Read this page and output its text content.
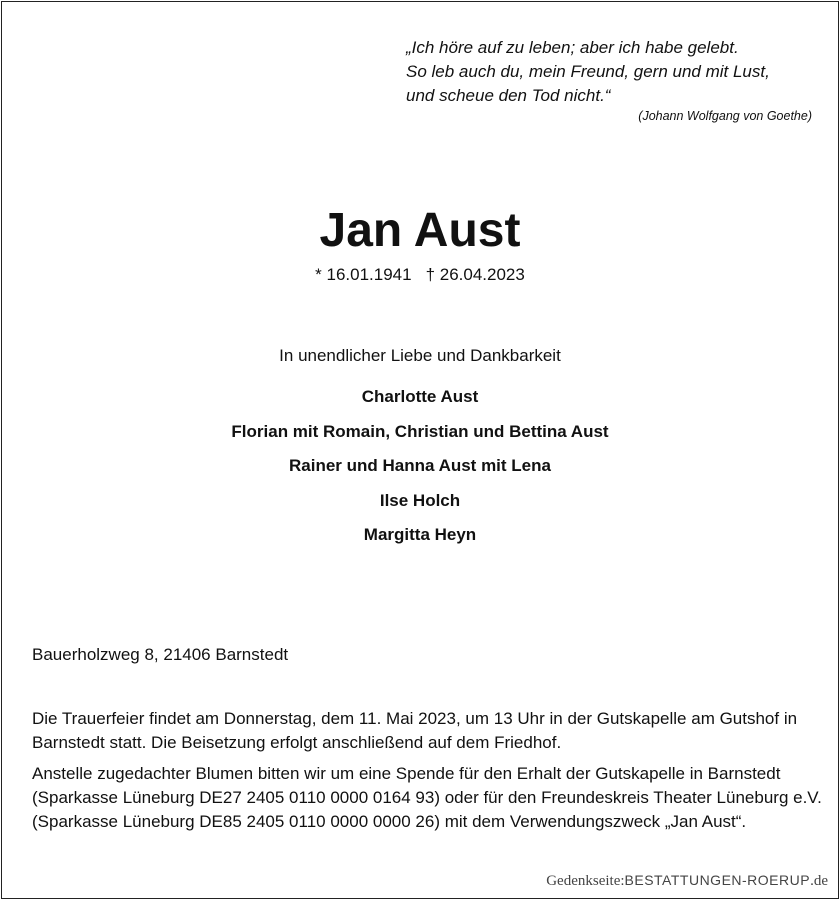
„Ich höre auf zu leben; aber ich habe gelebt.
So leb auch du, mein Freund, gern und mit Lust,
und scheue den Tod nicht.“
(Johann Wolfgang von Goethe)
Jan Aust
* 16.01.1941 † 26.04.2023
In unendlicher Liebe und Dankbarkeit
Charlotte Aust
Florian mit Romain, Christian und Bettina Aust
Rainer und Hanna Aust mit Lena
Ilse Holch
Margitta Heyn
Bauerholzweg 8, 21406 Barnstedt

Die Trauerfeier findet am Donnerstag, dem 11. Mai 2023, um 13 Uhr in der Gutskapelle am Gutshof in Barnstedt statt. Die Beisetzung erfolgt anschließend auf dem Friedhof.

Anstelle zugedachter Blumen bitten wir um eine Spende für den Erhalt der Gutskapelle in Barnstedt (Sparkasse Lüneburg DE27 2405 0110 0000 0164 93) oder für den Freundeskreis Theater Lüneburg e.V. (Sparkasse Lüneburg DE85 2405 0110 0000 0000 26) mit dem Verwendungszweck „Jan Aust“.

Gedenkseite:BESTATTUNGEN-ROERUP.de
